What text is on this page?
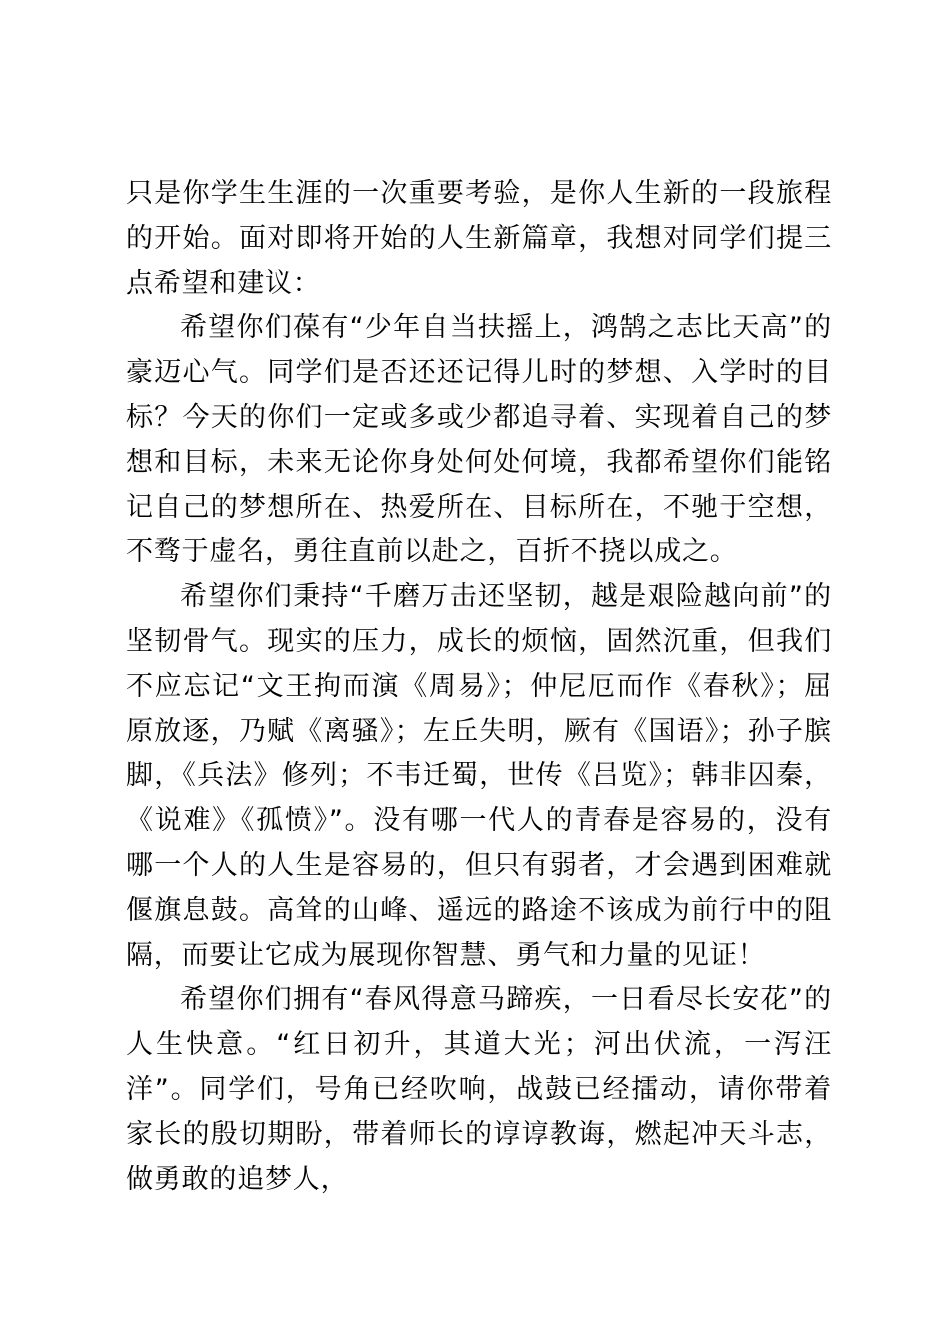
只是你学生生涯的一次重要考验，是你人生新的一段旅程的开始。面对即将开始的人生新篇章，我想对同学们提三点希望和建议：

希望你们葆有“少年自当扶摇上，鸿鹄之志比天高”的豪迈心气。同学们是否还还记得儿时的梦想、入学时的目标？今天的你们一定或多或少都追寻着、实现着自己的梦想和目标，未来无论你身处何处何境，我都希望你们能铭记自己的梦想所在、热爱所在、目标所在，不驰于空想，不骛于虚名，勇往直前以赴之，百折不挠以成之。

希望你们秉持“千磨万击还坚韧，越是艰险越向前”的坚韧骨气。现实的压力，成长的烦恼，固然沉重，但我们不应忘记“文王拘而演《周易》；仲尼厄而作《春秋》；屈原放逐，乃赋《离骚》；左丘失明，厥有《国语》；孙子膑脚，《兵法》修列；不韦迁蜀，世传《吕览》；韩非囚秦，《说难》《孤愤》”。没有哪一代人的青春是容易的，没有哪一个人的人生是容易的，但只有弱者，才会遇到困难就偃旗息鼓。高耸的山峰、遥远的路途不该成为前行中的阻隔，而要让它成为展现你智慧、勇气和力量的见证！

希望你们拥有“春风得意马蹄疾，一日看尽长安花”的人生快意。“红日初升，其道大光；河出伏流，一泻汪洋”。同学们，号角已经吹响，战鼓已经擂动，请你带着家长的殷切期盼，带着师长的谆谆教诲，燃起冲天斗志，做勇敢的追梦人，
